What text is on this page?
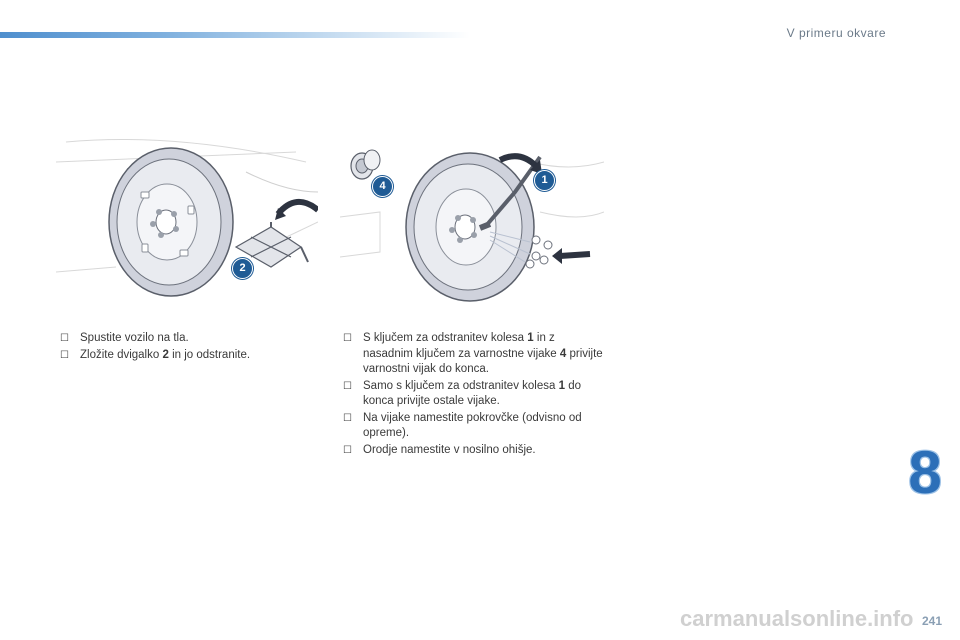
V primeru okvare
2
4	1
☐ Spustite vozilo na tla.
☐ Zložite dvigalko 2 in jo odstranite.
☐ S ključem za odstranitev kolesa 1 in z nasadnim ključem za varnostne vijake 4 privijte varnostni vijak do konca.
☐ Samo s ključem za odstranitev kolesa 1 do konca privijte ostale vijake.
☐ Na vijake namestite pokrovčke (odvisno od opreme).
☐ Orodje namestite v nosilno ohišje.	8
carmanualsonline.info 241
